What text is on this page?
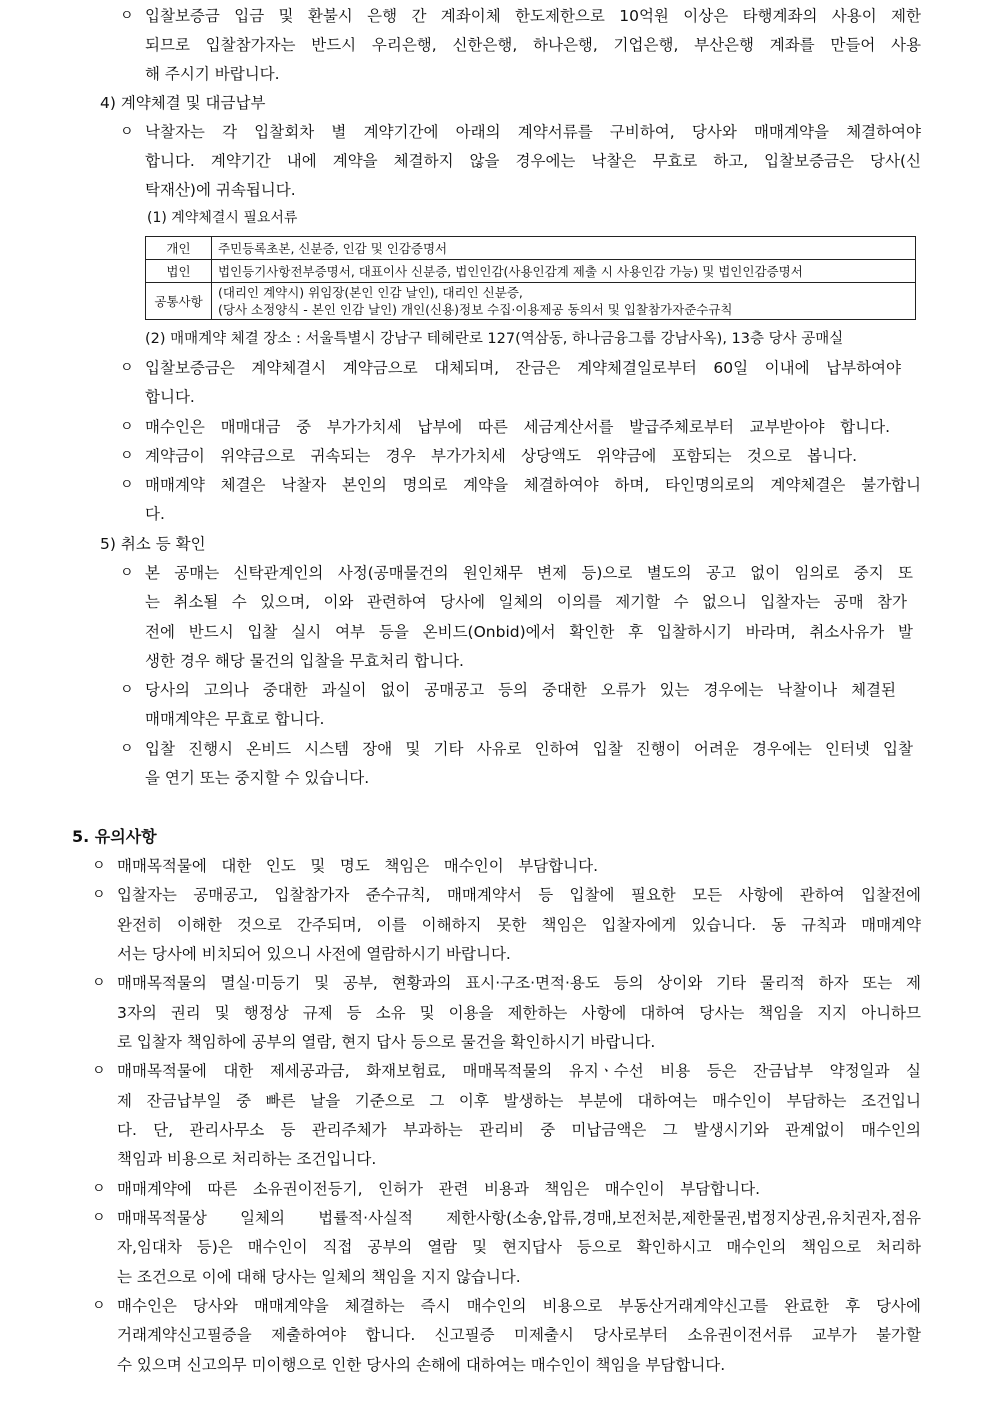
ㅇ 입찰보증금 입금 및 환불시 은행 간 계좌이체 한도제한으로 10억원 이상은 타행계좌의 사용이 제한
되므로 입찰참가자는 반드시 우리은행, 신한은행, 하나은행, 기업은행, 부산은행 계좌를 만들어 사용
해 주시기 바랍니다.
4) 계약체결 및 대금납부
ㅇ 낙찰자는 각 입찰회차 별 계약기간에 아래의 계약서류를 구비하여, 당사와 매매계약을 체결하여야
합니다. 계약기간 내에 계약을 체결하지 않을 경우에는 낙찰은 무효로 하고, 입찰보증금은 당사(신
탁재산)에 귀속됩니다.
(1) 계약체결시 필요서류
개인	주민등록초본, 신분증, 인감 및 인감증명서
법인	법인등기사항전부증명서, 대표이사 신분증, 법인인감(사용인감계 제출 시 사용인감 가능) 및 법인인감증명서
공통사항	(대리인 계약시) 위임장(본인 인감 날인), 대리인 신분증,
(당사 소정양식 - 본인 인감 날인) 개인(신용)정보 수집·이용제공 동의서 및 입찰참가자준수규칙
(2) 매매계약 체결 장소 : 서울특별시 강남구 테헤란로 127(역삼동, 하나금융그룹 강남사옥), 13층 당사 공매실
ㅇ 입찰보증금은 계약체결시 계약금으로 대체되며, 잔금은 계약체결일로부터 60일 이내에 납부하여야
합니다.
ㅇ 매수인은 매매대금 중 부가가치세 납부에 따른 세금계산서를 발급주체로부터 교부받아야 합니다.
ㅇ 계약금이 위약금으로 귀속되는 경우 부가가치세 상당액도 위약금에 포함되는 것으로 봅니다.
ㅇ 매매계약 체결은 낙찰자 본인의 명의로 계약을 체결하여야 하며, 타인명의로의 계약체결은 불가합니
다.
5) 취소 등 확인
ㅇ 본 공매는 신탁관계인의 사정(공매물건의 원인채무 변제 등)으로 별도의 공고 없이 임의로 중지 또
는 취소될 수 있으며, 이와 관련하여 당사에 일체의 이의를 제기할 수 없으니 입찰자는 공매 참가
전에 반드시 입찰 실시 여부 등을 온비드(Onbid)에서 확인한 후 입찰하시기 바라며, 취소사유가 발
생한 경우 해당 물건의 입찰을 무효처리 합니다.
ㅇ 당사의 고의나 중대한 과실이 없이 공매공고 등의 중대한 오류가 있는 경우에는 낙찰이나 체결된
매매계약은 무효로 합니다.
ㅇ 입찰 진행시 온비드 시스템 장애 및 기타 사유로 인하여 입찰 진행이 어려운 경우에는 인터넷 입찰
을 연기 또는 중지할 수 있습니다.
5. 유의사항
ㅇ 매매목적물에 대한 인도 및 명도 책임은 매수인이 부담합니다.
ㅇ 입찰자는 공매공고, 입찰참가자 준수규칙, 매매계약서 등 입찰에 필요한 모든 사항에 관하여 입찰전에
완전히 이해한 것으로 간주되며, 이를 이해하지 못한 책임은 입찰자에게 있습니다. 동 규칙과 매매계약
서는 당사에 비치되어 있으니 사전에 열람하시기 바랍니다.
ㅇ 매매목적물의 멸실·미등기 및 공부, 현황과의 표시·구조·면적·용도 등의 상이와 기타 물리적 하자 또는 제
3자의 권리 및 행정상 규제 등 소유 및 이용을 제한하는 사항에 대하여 당사는 책임을 지지 아니하므
로 입찰자 책임하에 공부의 열람, 현지 답사 등으로 물건을 확인하시기 바랍니다.
ㅇ 매매목적물에 대한 제세공과금, 화재보험료, 매매목적물의 유지ㆍ수선 비용 등은 잔금납부 약정일과 실
제 잔금납부일 중 빠른 날을 기준으로 그 이후 발생하는 부분에 대하여는 매수인이 부담하는 조건입니
다. 단, 관리사무소 등 관리주체가 부과하는 관리비 중 미납금액은 그 발생시기와 관계없이 매수인의
책임과 비용으로 처리하는 조건입니다.
ㅇ 매매계약에 따른 소유권이전등기, 인허가 관련 비용과 책임은 매수인이 부담합니다.
ㅇ 매매목적물상 일체의 법률적·사실적 제한사항(소송,압류,경매,보전처분,제한물권,법정지상권,유치권자,점유
자,임대차 등)은 매수인이 직접 공부의 열람 및 현지답사 등으로 확인하시고 매수인의 책임으로 처리하
는 조건으로 이에 대해 당사는 일체의 책임을 지지 않습니다.
ㅇ 매수인은 당사와 매매계약을 체결하는 즉시 매수인의 비용으로 부동산거래계약신고를 완료한 후 당사에
거래계약신고필증을 제출하여야 합니다. 신고필증 미제출시 당사로부터 소유권이전서류 교부가 불가할
수 있으며 신고의무 미이행으로 인한 당사의 손해에 대하여는 매수인이 책임을 부담합니다.
